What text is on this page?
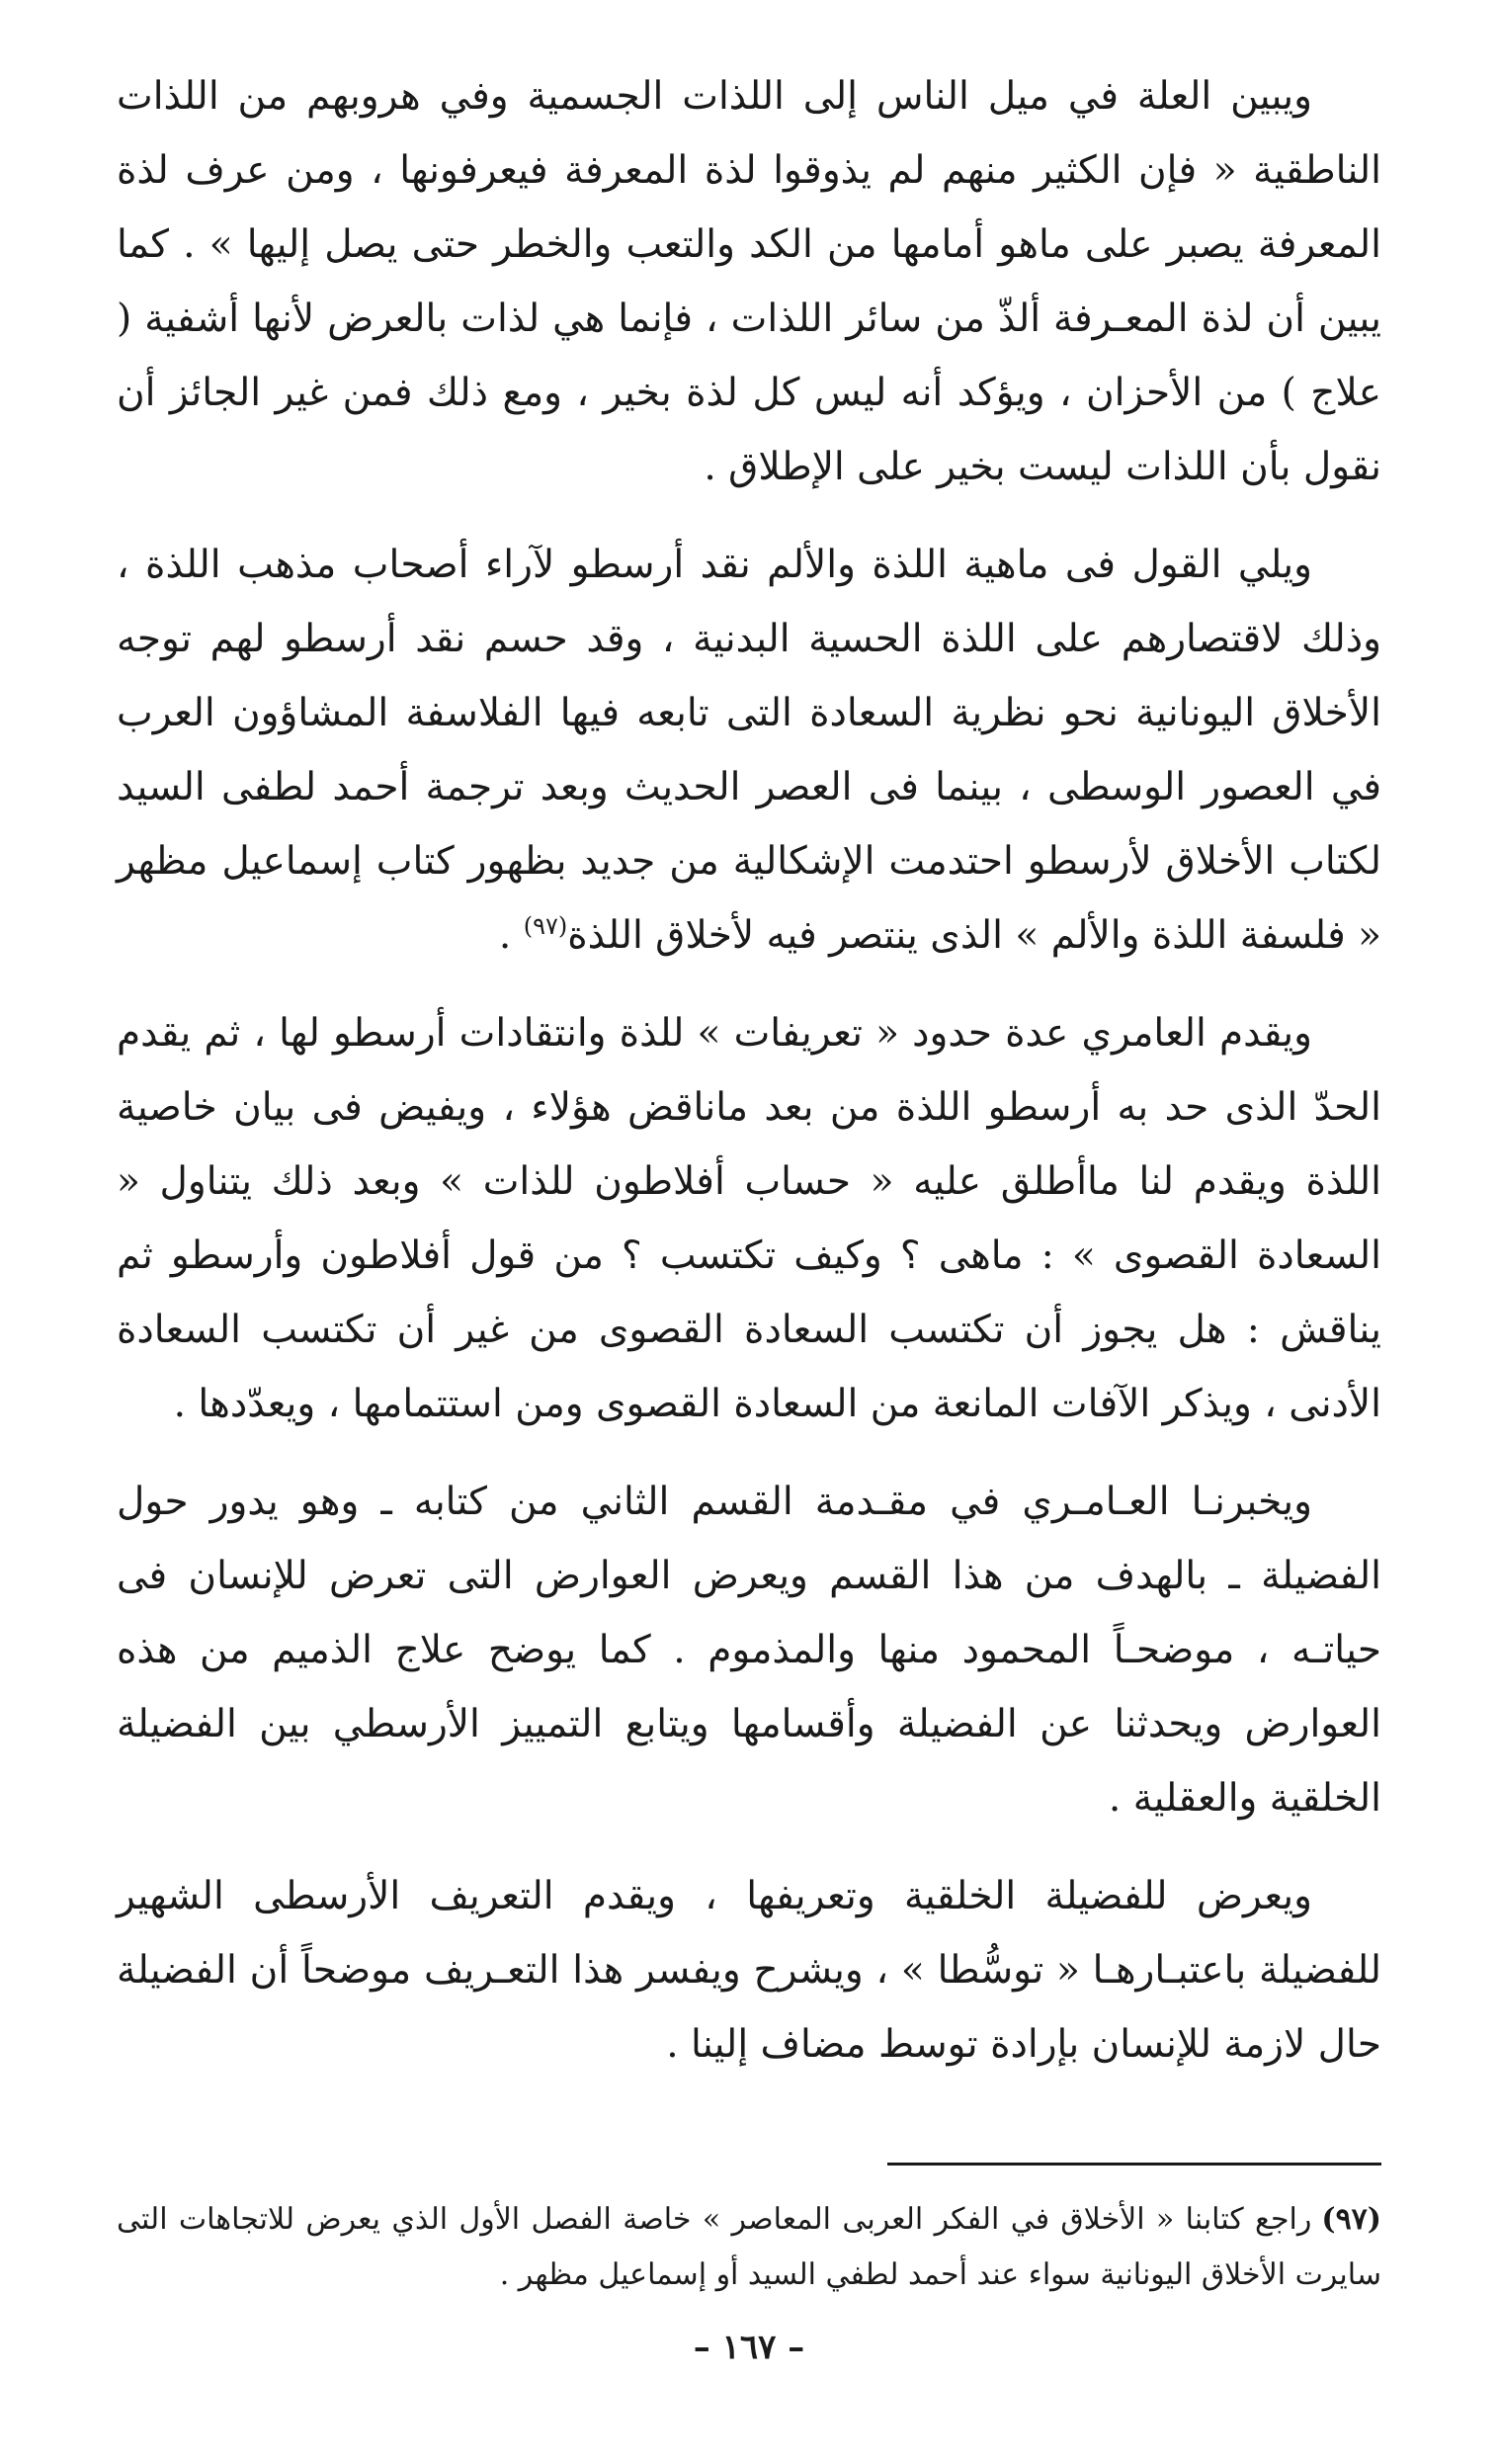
ويبين العلة في ميل الناس إلى اللذات الجسمية وفي هروبهم من اللذات الناطقية « فإن الكثير منهم لم يذوقوا لذة المعرفة فيعرفونها ، ومن عرف لذة المعرفة يصبر على ماهو أمامها من الكد والتعب والخطر حتى يصل إليها » . كما يبين أن لذة المعـرفة ألذّ من سائر اللذات ، فإنما هي لذات بالعرض لأنها أشفية ( علاج ) من الأحزان ، ويؤكد أنه ليس كل لذة بخير ، ومع ذلك فمن غير الجائز أن نقول بأن اللذات ليست بخير على الإطلاق .

ويلي القول فى ماهية اللذة والألم نقد أرسطو لآراء أصحاب مذهب اللذة ، وذلك لاقتصارهم على اللذة الحسية البدنية ، وقد حسم نقد أرسطو لهم توجه الأخلاق اليونانية نحو نظرية السعادة التى تابعه فيها الفلاسفة المشاؤون العرب في العصور الوسطى ، بينما فى العصر الحديث وبعد ترجمة أحمد لطفى السيد لكتاب الأخلاق لأرسطو احتدمت الإشكالية من جديد بظهور كتاب إسماعيل مظهر « فلسفة اللذة والألم » الذى ينتصر فيه لأخلاق اللذة$^{(٩٧)}$ .

ويقدم العامري عدة حدود « تعريفات » للذة وانتقادات أرسطو لها ، ثم يقدم الحدّ الذى حد به أرسطو اللذة من بعد ماناقض هؤلاء ، ويفيض فى بيان خاصية اللذة ويقدم لنا ماأطلق عليه « حساب أفلاطون للذات » وبعد ذلك يتناول « السعادة القصوى » : ماهى ؟ وكيف تكتسب ؟ من قول أفلاطون وأرسطو ثم يناقش : هل يجوز أن تكتسب السعادة القصوى من غير أن تكتسب السعادة الأدنى ، ويذكر الآفات المانعة من السعادة القصوى ومن استتمامها ، ويعدّدها .

ويخبرنـا العـامـري في مقـدمة القسم الثاني من كتابه ـ وهو يدور حول الفضيلة ـ بالهدف من هذا القسم ويعرض العوارض التى تعرض للإنسان فى حياتـه ، موضحـاً المحمود منها والمذموم . كما يوضح علاج الذميم من هذه العوارض ويحدثنا عن الفضيلة وأقسامها ويتابع التمييز الأرسطي بين الفضيلة الخلقية والعقلية .

ويعرض للفضيلة الخلقية وتعريفها ، ويقدم التعريف الأرسطى الشهير للفضيلة باعتبـارهـا « توسُّطا » ، ويشرح ويفسر هذا التعـريف موضحاً أن الفضيلة حال لازمة للإنسان بإرادة توسط مضاف إلينا .

(٩٧)راجع كتابنا « الأخلاق في الفكر العربى المعاصر » خاصة الفصل الأول الذي يعرض للاتجاهات التى سايرت الأخلاق اليونانية سواء عند أحمد لطفي السيد أو إسماعيل مظهر .

– ١٦٧ –
